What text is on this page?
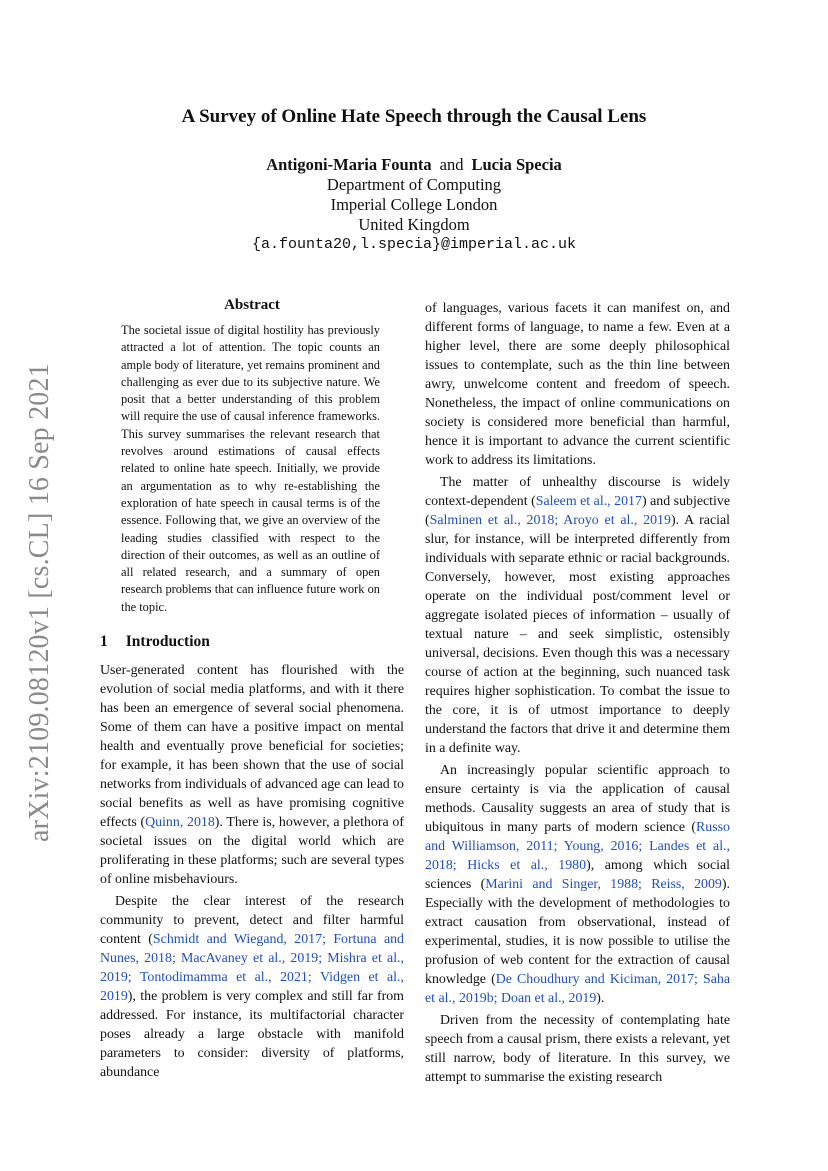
arXiv:2109.08120v1 [cs.CL] 16 Sep 2021
A Survey of Online Hate Speech through the Causal Lens
Antigoni-Maria Founta and Lucia Specia
Department of Computing
Imperial College London
United Kingdom
{a.founta20,l.specia}@imperial.ac.uk
Abstract
The societal issue of digital hostility has previously attracted a lot of attention. The topic counts an ample body of literature, yet remains prominent and challenging as ever due to its subjective nature. We posit that a better understanding of this problem will require the use of causal inference frameworks. This survey summarises the relevant research that revolves around estimations of causal effects related to online hate speech. Initially, we provide an argumentation as to why re-establishing the exploration of hate speech in causal terms is of the essence. Following that, we give an overview of the leading studies classified with respect to the direction of their outcomes, as well as an outline of all related research, and a summary of open research problems that can influence future work on the topic.
1 Introduction

User-generated content has flourished with the evolution of social media platforms, and with it there has been an emergence of several social phenomena. Some of them can have a positive impact on mental health and eventually prove beneficial for societies; for example, it has been shown that the use of social networks from individuals of advanced age can lead to social benefits as well as have promising cognitive effects (Quinn, 2018). There is, however, a plethora of societal issues on the digital world which are proliferating in these platforms; such are several types of online misbehaviours.

Despite the clear interest of the research community to prevent, detect and filter harmful content (Schmidt and Wiegand, 2017; Fortuna and Nunes, 2018; MacAvaney et al., 2019; Mishra et al., 2019; Tontodimamma et al., 2021; Vidgen et al., 2019), the problem is very complex and still far from addressed. For instance, its multifactorial character poses already a large obstacle with manifold parameters to consider: diversity of platforms, abundance

of languages, various facets it can manifest on, and different forms of language, to name a few. Even at a higher level, there are some deeply philosophical issues to contemplate, such as the thin line between awry, unwelcome content and freedom of speech. Nonetheless, the impact of online communications on society is considered more beneficial than harmful, hence it is important to advance the current scientific work to address its limitations.

The matter of unhealthy discourse is widely context-dependent (Saleem et al., 2017) and subjective (Salminen et al., 2018; Aroyo et al., 2019). A racial slur, for instance, will be interpreted differently from individuals with separate ethnic or racial backgrounds. Conversely, however, most existing approaches operate on the individual post/comment level or aggregate isolated pieces of information – usually of textual nature – and seek simplistic, ostensibly universal, decisions. Even though this was a necessary course of action at the beginning, such nuanced task requires higher sophistication. To combat the issue to the core, it is of utmost importance to deeply understand the factors that drive it and determine them in a definite way.

An increasingly popular scientific approach to ensure certainty is via the application of causal methods. Causality suggests an area of study that is ubiquitous in many parts of modern science (Russo and Williamson, 2011; Young, 2016; Landes et al., 2018; Hicks et al., 1980), among which social sciences (Marini and Singer, 1988; Reiss, 2009). Especially with the development of methodologies to extract causation from observational, instead of experimental, studies, it is now possible to utilise the profusion of web content for the extraction of causal knowledge (De Choudhury and Kiciman, 2017; Saha et al., 2019b; Doan et al., 2019).

Driven from the necessity of contemplating hate speech from a causal prism, there exists a relevant, yet still narrow, body of literature. In this survey, we attempt to summarise the existing research
